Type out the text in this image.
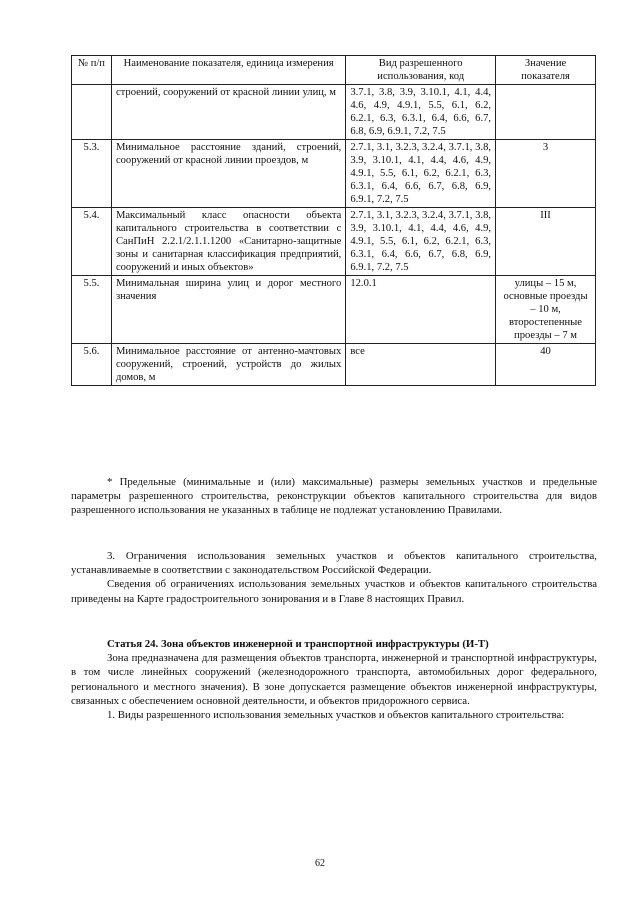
№ п/п	Наименование показателя, единица измерения	Вид разрешенного использования, код	Значение показателя
	строений, сооружений от красной линии улиц, м	3.7.1, 3.8, 3.9, 3.10.1, 4.1, 4.4, 4.6, 4.9, 4.9.1, 5.5, 6.1, 6.2, 6.2.1, 6.3, 6.3.1, 6.4, 6.6, 6.7, 6.8, 6.9, 6.9.1, 7.2, 7.5	
5.3.	Минимальное расстояние зданий, строений, сооружений от красной линии проездов, м	2.7.1, 3.1, 3.2.3, 3.2.4, 3.7.1, 3.8, 3.9, 3.10.1, 4.1, 4.4, 4.6, 4.9, 4.9.1, 5.5, 6.1, 6.2, 6.2.1, 6.3, 6.3.1, 6.4, 6.6, 6.7, 6.8, 6.9, 6.9.1, 7.2, 7.5	3
5.4.	Максимальный класс опасности объекта капитального строительства в соответствии с СанПиН 2.2.1/2.1.1.1200 «Санитарно-защитные зоны и санитарная классификация предприятий, сооружений и иных объектов»	2.7.1, 3.1, 3.2.3, 3.2.4, 3.7.1, 3.8, 3.9, 3.10.1, 4.1, 4.4, 4.6, 4.9, 4.9.1, 5.5, 6.1, 6.2, 6.2.1, 6.3, 6.3.1, 6.4, 6.6, 6.7, 6.8, 6.9, 6.9.1, 7.2, 7.5	III
5.5.	Минимальная ширина улиц и дорог местного значения	12.0.1	улицы – 15 м, основные проезды – 10 м, второстепенные проезды – 7 м
5.6.	Минимальное расстояние от антенно-мачтовых сооружений, строений, устройств до жилых домов, м	все	40

* Предельные (минимальные и (или) максимальные) размеры земельных участков и предельные параметры разрешенного строительства, реконструкции объектов капитального строительства для видов разрешенного использования не указанных в таблице не подлежат установлению Правилами.

3. Ограничения использования земельных участков и объектов капитального строительства, устанавливаемые в соответствии с законодательством Российской Федерации.

Сведения об ограничениях использования земельных участков и объектов капитального строительства приведены на Карте градостроительного зонирования и в Главе 8 настоящих Правил.

Статья 24. Зона объектов инженерной и транспортной инфраструктуры (И-Т)

Зона предназначена для размещения объектов транспорта, инженерной и транспортной инфраструктуры, в том числе линейных сооружений (железнодорожного транспорта, автомобильных дорог федерального, регионального и местного значения). В зоне допускается размещение объектов инженерной инфраструктуры, связанных с обеспечением основной деятельности, и объектов придорожного сервиса.

1. Виды разрешенного использования земельных участков и объектов капитального строительства:

62
